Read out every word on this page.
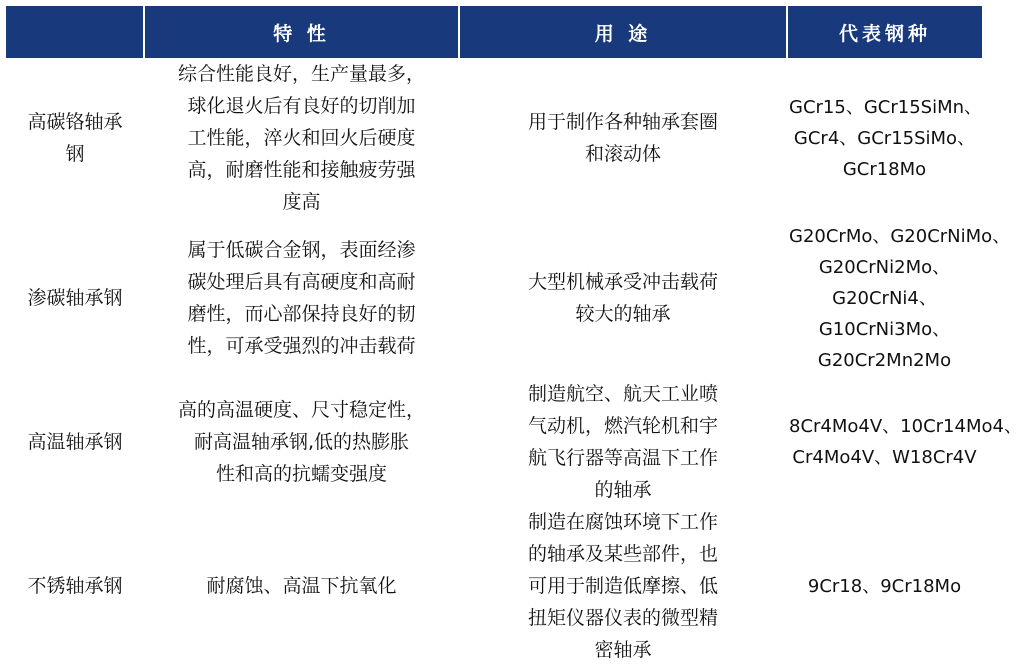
	特 性	用 途	代表钢种
高碳铬轴承钢	综合性能良好，生产量最多，
球化退火后有良好的切削加
工性能，淬火和回火后硬度
高，耐磨性能和接触疲劳强
度高	用于制作各种轴承套圈
和滚动体	GCr15、GCr15SiMn、
GCr4、GCr15SiMo、
GCr18Mo

渗碳轴承钢	属于低碳合金钢，表面经渗
碳处理后具有高硬度和高耐
磨性，而心部保持良好的韧
性，可承受强烈的冲击载荷	大型机械承受冲击载荷
较大的轴承	G20CrMo、G20CrNiMo、
G20CrNi2Mo、
G20CrNi4、
G10CrNi3Mo、
G20Cr2Mn2Mo

高温轴承钢	高的高温硬度、尺寸稳定性，
耐高温轴承钢,低的热膨胀
性和高的抗蠕变强度	制造航空、航天工业喷
气动机，燃汽轮机和宇
航飞行器等高温下工作
的轴承	8Cr4Mo4V、10Cr14Mo4、
Cr4Mo4V、W18Cr4V

不锈轴承钢	耐腐蚀、高温下抗氧化	制造在腐蚀环境下工作
的轴承及某些部件，也
可用于制造低摩擦、低
扭矩仪器仪表的微型精
密轴承	9Cr18、9Cr18Mo
